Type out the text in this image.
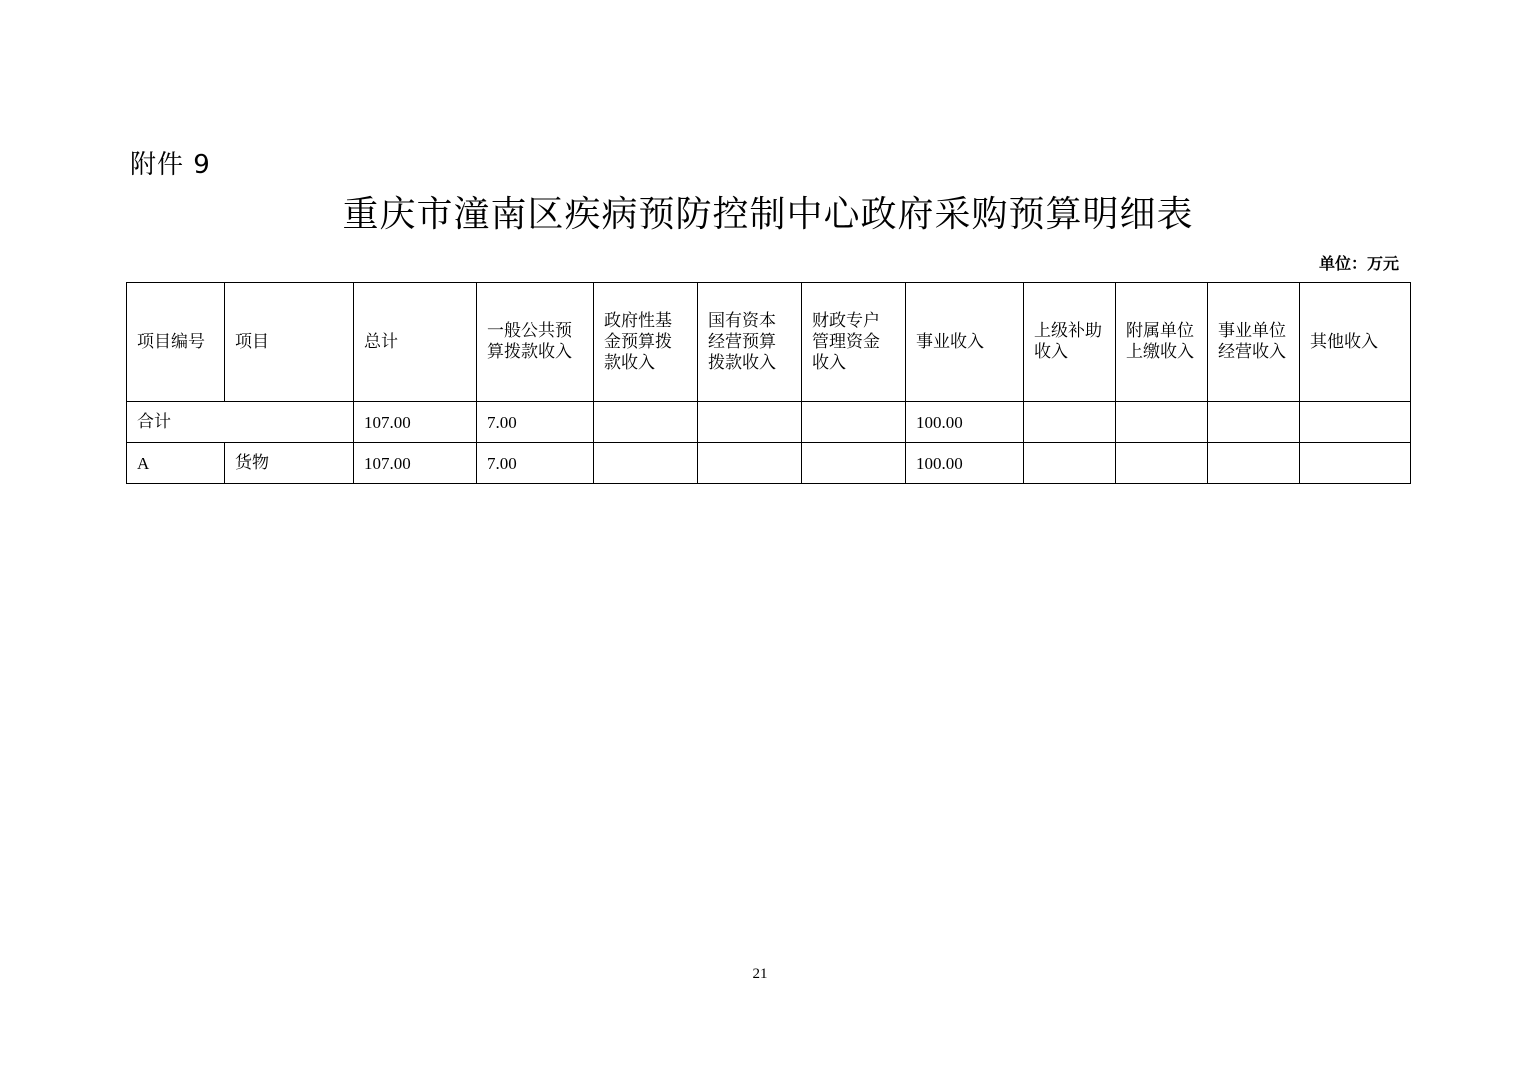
附件 9
重庆市潼南区疾病预防控制中心政府采购预算明细表
单位：万元
项目编号	项目	总计	一般公共预算拨款收入	政府性基金预算拨款收入	国有资本经营预算拨款收入	财政专户管理资金收入	事业收入	上级补助收入	附属单位上缴收入	事业单位经营收入	其他收入
合计		107.00	7.00				100.00				
A	货物	107.00	7.00				100.00				
21
